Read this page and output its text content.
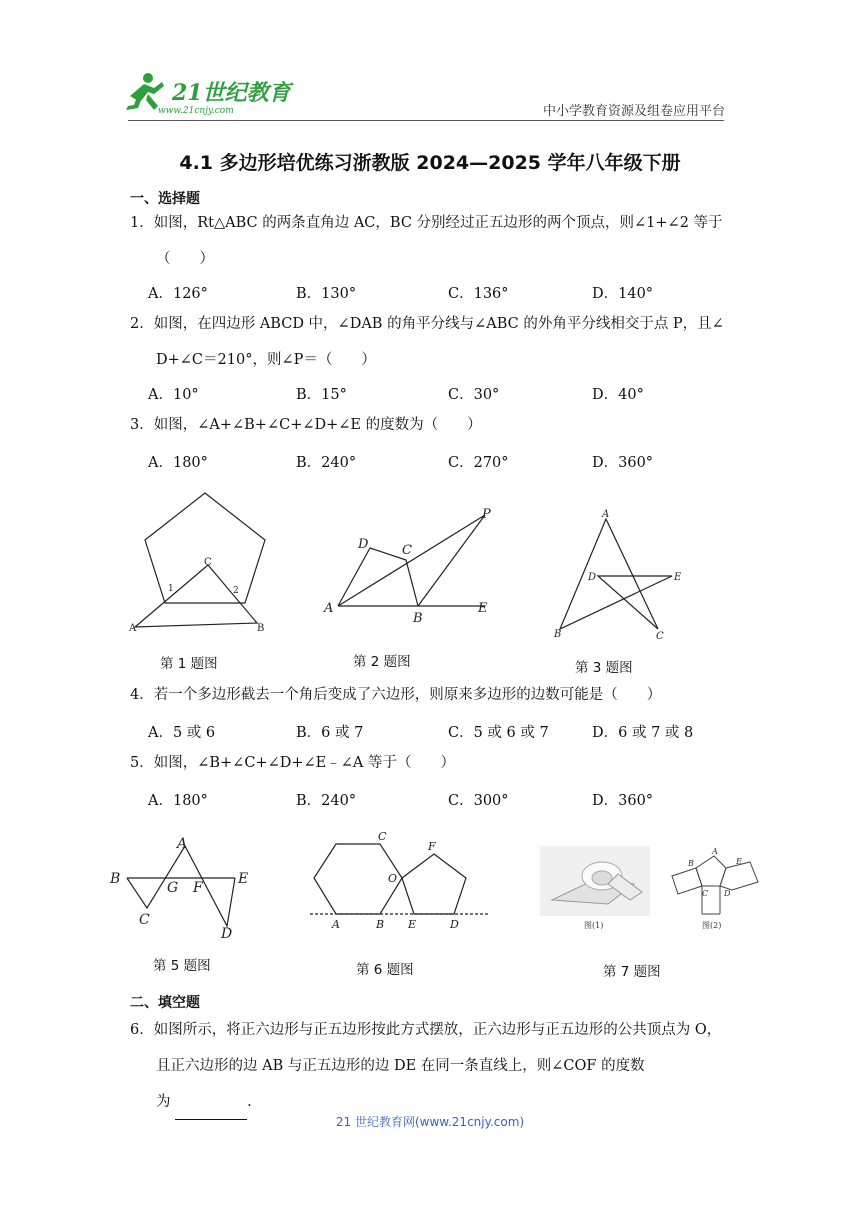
21世纪教育
www.21cnjy.com	中小学教育资源及组卷应用平台
4.1 多边形培优练习浙教版 2024—2025 学年八年级下册
一、选择题
1．如图，Rt△ABC 的两条直角边 AC，BC 分别经过正五边形的两个顶点，则∠1+∠2 等于
（　　）
A．126°	B．130°	C．136°	D．140°
2．如图，在四边形 ABCD 中，∠DAB 的角平分线与∠ABC 的外角平分线相交于点 P，且∠
D+∠C＝210°，则∠P＝（　　）
A．10°	B．15°	C．30°	D．40°
3．如图，∠A+∠B+∠C+∠D+∠E 的度数为（　　）
A．180°	B．240°	C．270°	D．360°
C
1	2
A	B
第 1 题图
P
D	C
A
B
E
第 2 题图
A
D	E
B	C
第 3 题图
4．若一个多边形截去一个角后变成了六边形，则原来多边形的边数可能是（　　）
A．5 或 6	B．6 或 7	C．5 或 6 或 7	D．6 或 7 或 8
5．如图，∠B+∠C+∠D+∠E﹣∠A 等于（　　）
A．180°	B．240°	C．300°	D．360°
A
B
G F
E
C
D
第 5 题图
C
F
O
A	B E	D
第 6 题图
图(1)
B
A
E
C D
图(2)
第 7 题图
二、填空题
6．如图所示，将正六边形与正五边形按此方式摆放，正六边形与正五边形的公共顶点为 O，
且正六边形的边 AB 与正五边形的边 DE 在同一条直线上，则∠COF 的度数
为	.
21 世纪教育网(www.21cnjy.com)
